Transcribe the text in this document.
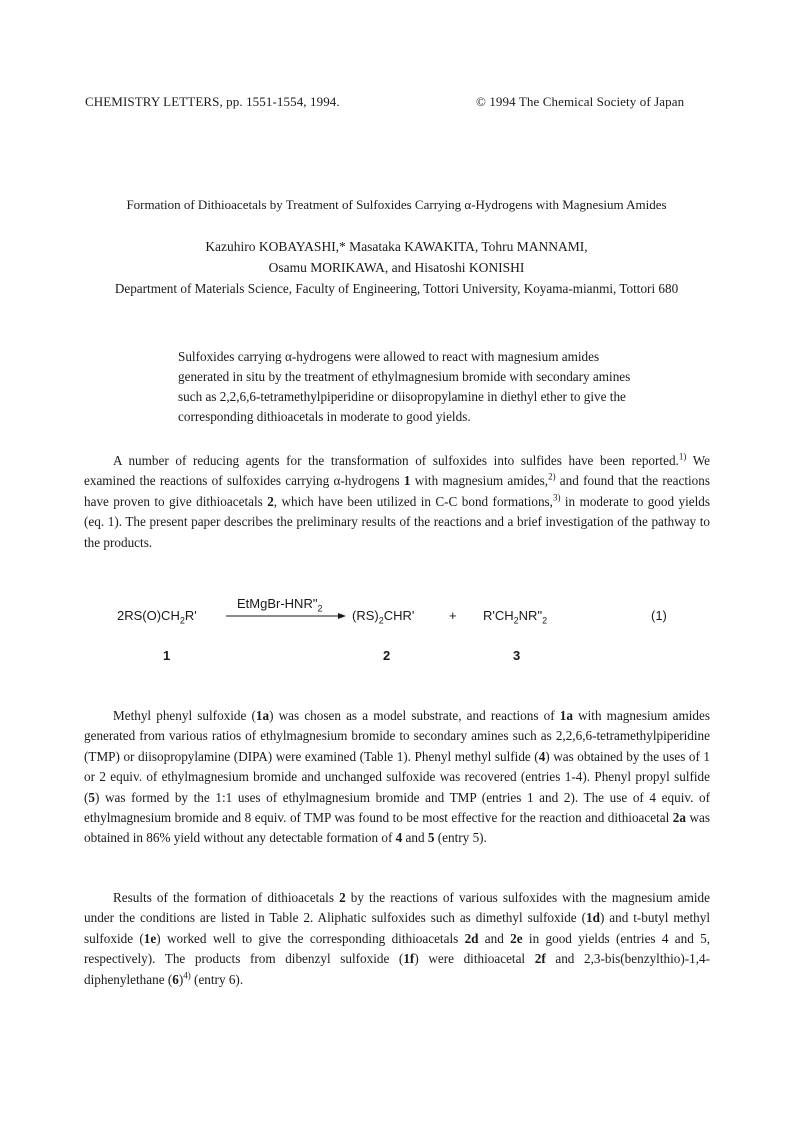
CHEMISTRY LETTERS, pp. 1551-1554, 1994.	© 1994 The Chemical Society of Japan
Formation of Dithioacetals by Treatment of Sulfoxides Carrying α-Hydrogens with Magnesium Amides
Kazuhiro KOBAYASHI,* Masataka KAWAKITA, Tohru MANNAMI,
Osamu MORIKAWA, and Hisatoshi KONISHI
Department of Materials Science, Faculty of Engineering, Tottori University, Koyama-mianmi, Tottori 680
Sulfoxides carrying α-hydrogens were allowed to react with magnesium amides generated in situ by the treatment of ethylmagnesium bromide with secondary amines such as 2,2,6,6-tetramethylpiperidine or diisopropylamine in diethyl ether to give the corresponding dithioacetals in moderate to good yields.

A number of reducing agents for the transformation of sulfoxides into sulfides have been reported.$^{1)}$ We examined the reactions of sulfoxides carrying α-hydrogens 1 with magnesium amides,$^{2)}$ and found that the reactions have proven to give dithioacetals 2, which have been utilized in C-C bond formations,$^{3)}$ in moderate to good yields (eq. 1). The present paper describes the preliminary results of the reactions and a brief investigation of the pathway to the products.

EtMgBr-$HNR"_2$
$2RS(O)CH_2R'$	$(RS)_2CHR'$	+ $R'CH_2NR"_2$	(1)
1	2	3

Methyl phenyl sulfoxide (1a) was chosen as a model substrate, and reactions of 1a with magnesium amides generated from various ratios of ethylmagnesium bromide to secondary amines such as 2,2,6,6-tetramethylpiperidine (TMP) or diisopropylamine (DIPA) were examined (Table 1). Phenyl methyl sulfide (4) was obtained by the uses of 1 or 2 equiv. of ethylmagnesium bromide and unchanged sulfoxide was recovered (entries 1-4). Phenyl propyl sulfide (5) was formed by the 1:1 uses of ethylmagnesium bromide and TMP (entries 1 and 2). The use of 4 equiv. of ethylmagnesium bromide and 8 equiv. of TMP was found to be most effective for the reaction and dithioacetal 2a was obtained in 86% yield without any detectable formation of 4 and 5 (entry 5).

Results of the formation of dithioacetals 2 by the reactions of various sulfoxides with the magnesium amide under the conditions are listed in Table 2. Aliphatic sulfoxides such as dimethyl sulfoxide (1d) and t-butyl methyl sulfoxide (1e) worked well to give the corresponding dithioacetals 2d and 2e in good yields (entries 4 and 5, respectively). The products from dibenzyl sulfoxide (1f) were dithioacetal 2f and 2,3-bis(benzylthio)-1,4-diphenylethane $(6)^{4)}$ (entry 6).
